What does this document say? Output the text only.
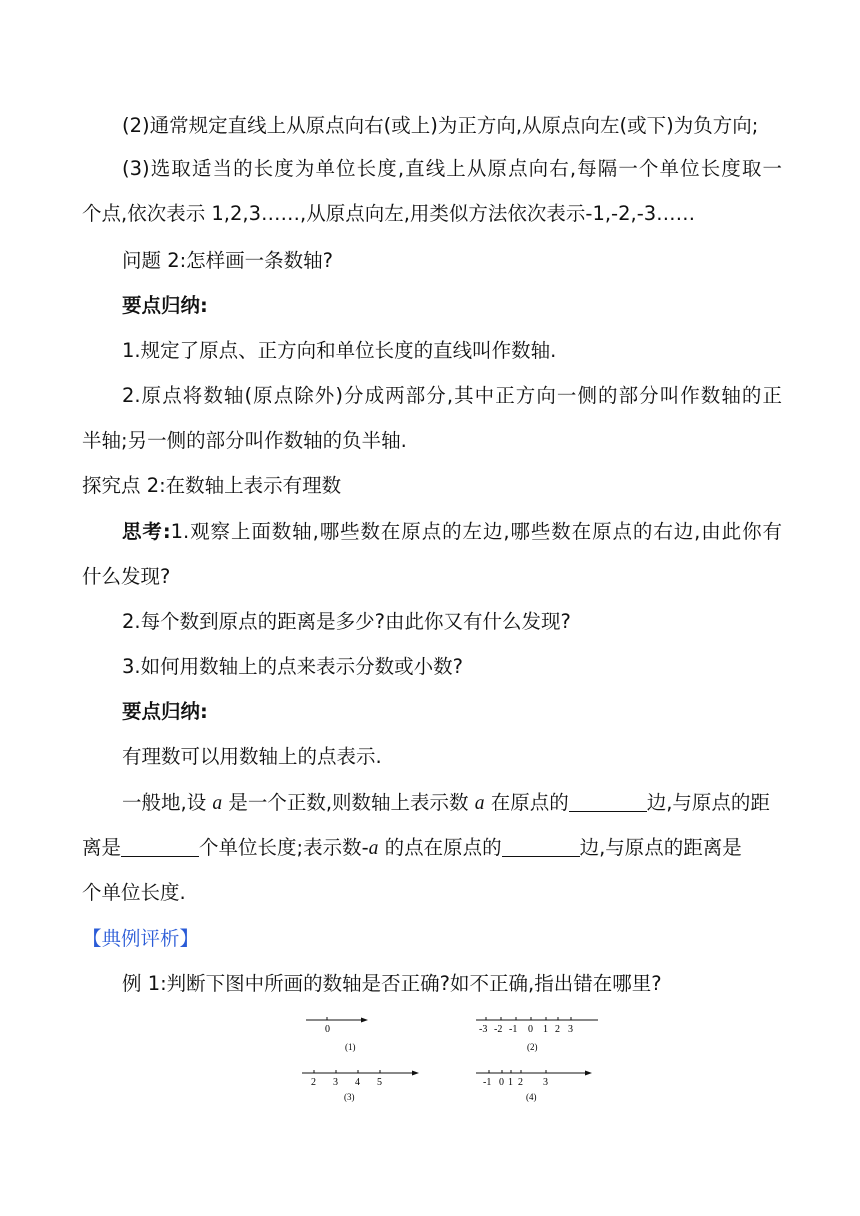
(2)通常规定直线上从原点向右(或上)为正方向,从原点向左(或下)为负方向;
(3)选取适当的长度为单位长度,直线上从原点向右,每隔一个单位长度取一
个点,依次表示 1,2,3……,从原点向左,用类似方法依次表示-1,-2,-3……
问题 2:怎样画一条数轴?
要点归纳:
1.规定了原点、正方向和单位长度的直线叫作数轴.
2.原点将数轴(原点除外)分成两部分,其中正方向一侧的部分叫作数轴的正
半轴;另一侧的部分叫作数轴的负半轴.
探究点 2:在数轴上表示有理数
思考:1.观察上面数轴,哪些数在原点的左边,哪些数在原点的右边,由此你有
什么发现?
2.每个数到原点的距离是多少?由此你又有什么发现?
3.如何用数轴上的点来表示分数或小数?
要点归纳:
有理数可以用数轴上的点表示.
一般地,设 a 是一个正数,则数轴上表示数 a 在原点的	边,与原点的距
离是	个单位长度;表示数-a 的点在原点的	边,与原点的距离是
个单位长度.
【典例评析】
例 1:判断下图中所画的数轴是否正确?如不正确,指出错在哪里?
0
(1)
-3 -2 -1 0 1 2 3
(2)
2 3 4 5
(3)
-1 0 1 2 3
(4)
